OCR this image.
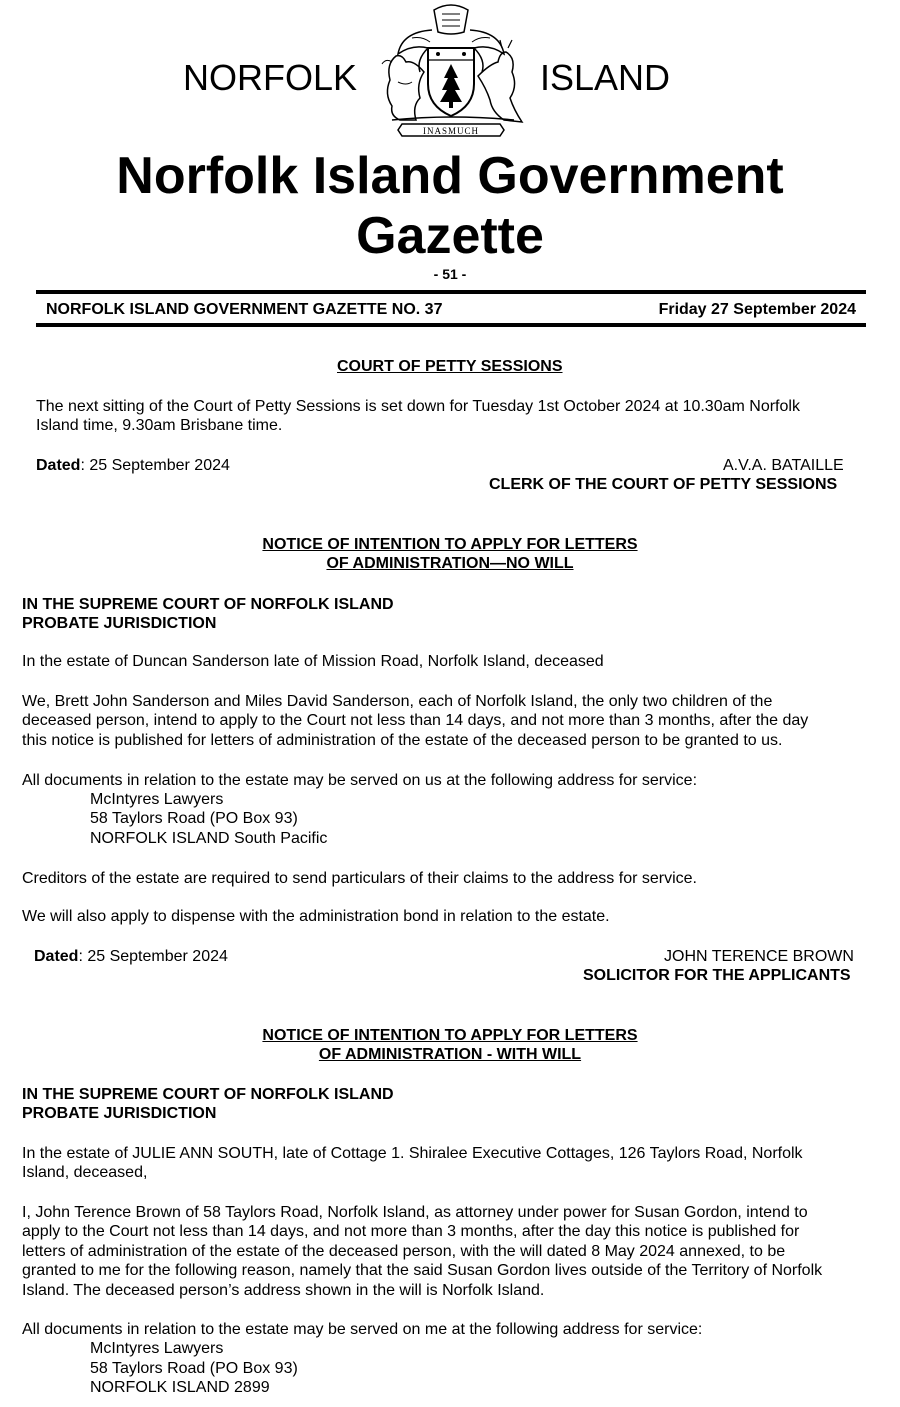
NORFOLK	ISLAND
INASMUCH
Norfolk Island Government
Gazette
- 51 -
NORFOLK ISLAND GOVERNMENT GAZETTE NO. 37	Friday 27 September 2024
COURT OF PETTY SESSIONS
The next sitting of the Court of Petty Sessions is set down for Tuesday 1st October 2024 at 10.30am Norfolk
Island time, 9.30am Brisbane time.
Dated: 25 September 2024	A.V.A. BATAILLE
CLERK OF THE COURT OF PETTY SESSIONS
NOTICE OF INTENTION TO APPLY FOR LETTERS
OF ADMINISTRATION—NO WILL
IN THE SUPREME COURT OF NORFOLK ISLAND
PROBATE JURISDICTION
In the estate of Duncan Sanderson late of Mission Road, Norfolk Island, deceased
We, Brett John Sanderson and Miles David Sanderson, each of Norfolk Island, the only two children of the
deceased person, intend to apply to the Court not less than 14 days, and not more than 3 months, after the day
this notice is published for letters of administration of the estate of the deceased person to be granted to us.
All documents in relation to the estate may be served on us at the following address for service:
McIntyres Lawyers
58 Taylors Road (PO Box 93)
NORFOLK ISLAND South Pacific
Creditors of the estate are required to send particulars of their claims to the address for service.
We will also apply to dispense with the administration bond in relation to the estate.
Dated: 25 September 2024	JOHN TERENCE BROWN
SOLICITOR FOR THE APPLICANTS
NOTICE OF INTENTION TO APPLY FOR LETTERS
OF ADMINISTRATION - WITH WILL
IN THE SUPREME COURT OF NORFOLK ISLAND
PROBATE JURISDICTION
In the estate of JULIE ANN SOUTH, late of Cottage 1. Shiralee Executive Cottages, 126 Taylors Road, Norfolk
Island, deceased,
I, John Terence Brown of 58 Taylors Road, Norfolk Island, as attorney under power for Susan Gordon, intend to
apply to the Court not less than 14 days, and not more than 3 months, after the day this notice is published for
letters of administration of the estate of the deceased person, with the will dated 8 May 2024 annexed, to be
granted to me for the following reason, namely that the said Susan Gordon lives outside of the Territory of Norfolk
Island. The deceased person’s address shown in the will is Norfolk Island.
All documents in relation to the estate may be served on me at the following address for service:
McIntyres Lawyers
58 Taylors Road (PO Box 93)
NORFOLK ISLAND 2899
